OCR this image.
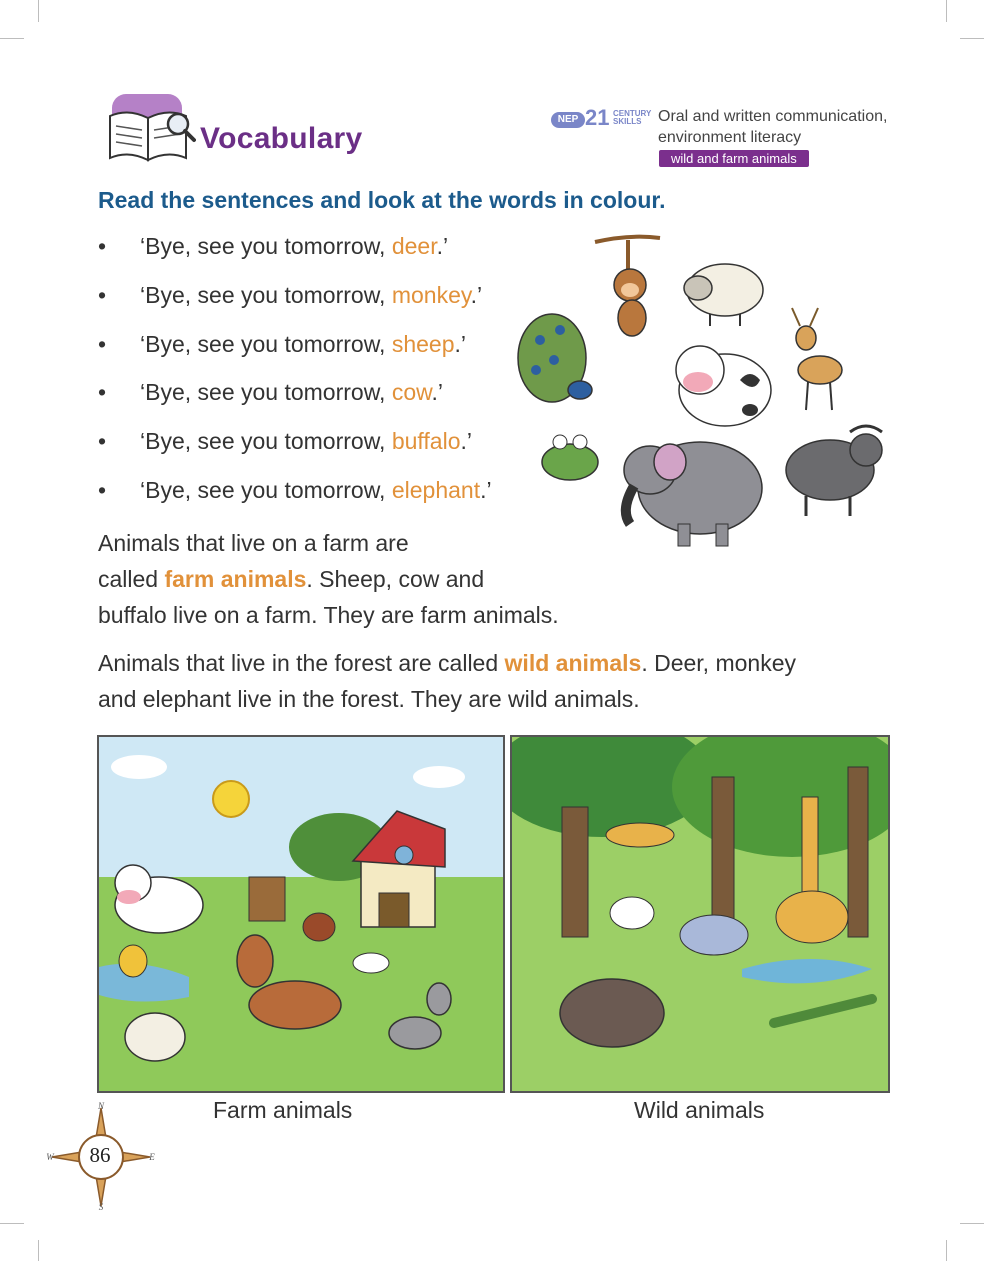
Vocabulary
NEP 21 CENTURY
SKILLS	Oral and written communication,
environment literacy
wild and farm animals
Read the sentences and look at the words in colour.
•	‘Bye, see you tomorrow, deer.’
•	‘Bye, see you tomorrow, monkey.’
•	‘Bye, see you tomorrow, sheep.’
•	‘Bye, see you tomorrow, cow.’
•	‘Bye, see you tomorrow, buffalo.’
•	‘Bye, see you tomorrow, elephant.’
Animals that live on a farm are
called farm animals. Sheep, cow and
buffalo live on a farm. They are farm animals.
Animals that live in the forest are called wild animals. Deer, monkey
and elephant live in the forest. They are wild animals.
Farm animals	Wild animals
N
S
E
W	86
